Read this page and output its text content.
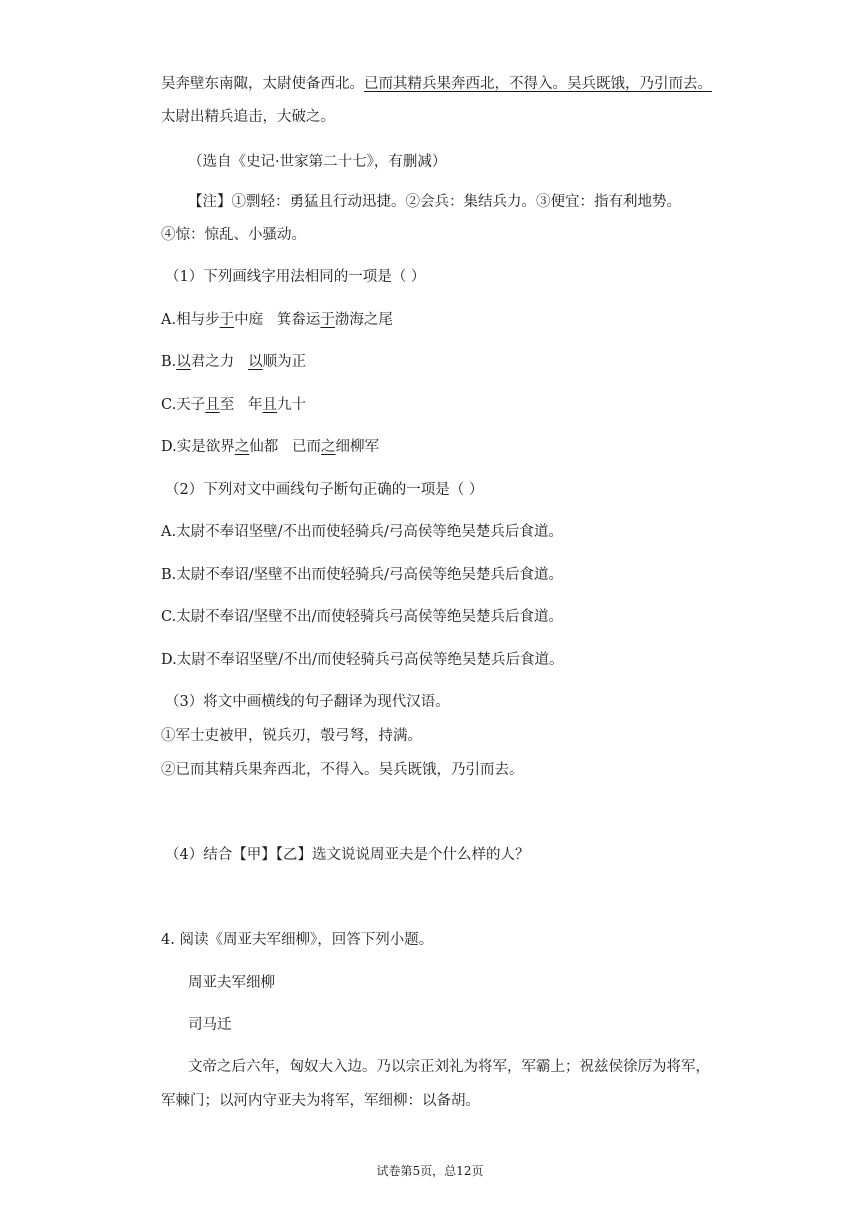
吴奔壁东南陬，太尉使备西北。已而其精兵果奔西北，不得入。吴兵既饿，乃引而去。
太尉出精兵追击，大破之。
（选自《史记·世家第二十七》，有删减）
【注】①剽轻：勇猛且行动迅捷。②会兵：集结兵力。③便宜：指有利地势。
④惊：惊乱、小骚动。
（1）下列画线字用法相同的一项是（ ）
A.相与步于中庭 箕畚运于渤海之尾
B.以君之力 以顺为正
C.天子且至 年且九十
D.实是欲界之仙都 已而之细柳军
（2）下列对文中画线句子断句正确的一项是（ ）
A.太尉不奉诏坚壁/不出而使轻骑兵/弓高侯等绝吴楚兵后食道。
B.太尉不奉诏/坚壁不出而使轻骑兵/弓高侯等绝吴楚兵后食道。
C.太尉不奉诏/坚壁不出/而使轻骑兵弓高侯等绝吴楚兵后食道。
D.太尉不奉诏坚壁/不出/而使轻骑兵弓高侯等绝吴楚兵后食道。
（3）将文中画横线的句子翻译为现代汉语。
①军士吏被甲，锐兵刃，彀弓弩，持满。
②已而其精兵果奔西北，不得入。吴兵既饿，乃引而去。
（4）结合【甲】【乙】选文说说周亚夫是个什么样的人？
4. 阅读《周亚夫军细柳》，回答下列小题。
周亚夫军细柳
司马迁
文帝之后六年，匈奴大入边。乃以宗正刘礼为将军，军霸上；祝兹侯徐厉为将军，
军棘门；以河内守亚夫为将军，军细柳：以备胡。
试卷第5页，总12页
